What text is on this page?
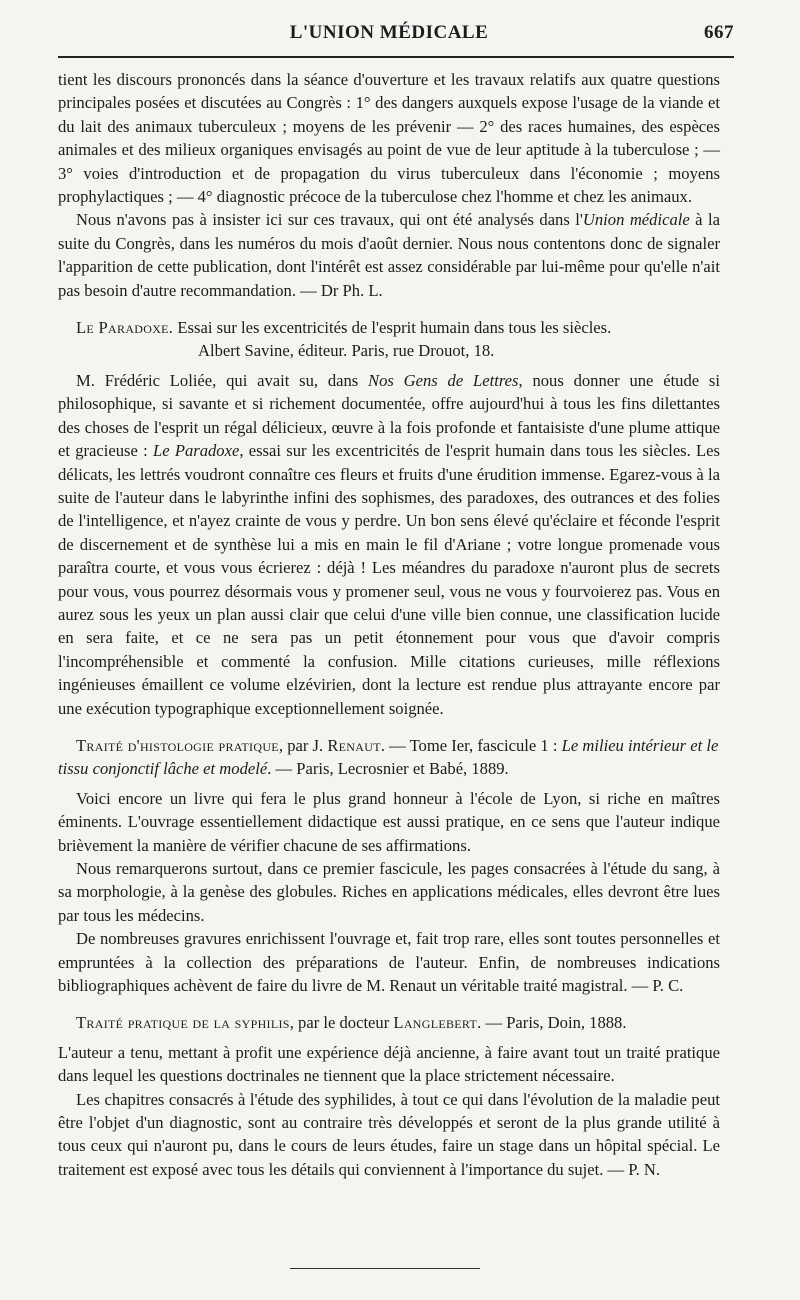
L'UNION MÉDICALE	667

tient les discours prononcés dans la séance d'ouverture et les travaux relatifs aux quatre questions principales posées et discutées au Congrès : 1° des dangers auxquels expose l'usage de la viande et du lait des animaux tuberculeux ; moyens de les prévenir — 2° des races humaines, des espèces animales et des milieux organiques envisagés au point de vue de leur aptitude à la tuberculose ; — 3° voies d'introduction et de propagation du virus tuberculeux dans l'économie ; moyens prophylactiques ; — 4° diagnostic précoce de la tuberculose chez l'homme et chez les animaux.

Nous n'avons pas à insister ici sur ces travaux, qui ont été analysés dans l'Union médicale à la suite du Congrès, dans les numéros du mois d'août dernier. Nous nous contentons donc de signaler l'apparition de cette publication, dont l'intérêt est assez considérable par lui-même pour qu'elle n'ait pas besoin d'autre recommandation. — Dr Ph. L.

Le Paradoxe. Essai sur les excentricités de l'esprit humain dans tous les siècles.
Albert Savine, éditeur. Paris, rue Drouot, 18.

M. Frédéric Loliée, qui avait su, dans Nos Gens de Lettres, nous donner une étude si philosophique, si savante et si richement documentée, offre aujourd'hui à tous les fins dilettantes des choses de l'esprit un régal délicieux, œuvre à la fois profonde et fantaisiste d'une plume attique et gracieuse : Le Paradoxe, essai sur les excentricités de l'esprit humain dans tous les siècles. Les délicats, les lettrés voudront connaître ces fleurs et fruits d'une érudition immense. Egarez-vous à la suite de l'auteur dans le labyrinthe infini des sophismes, des paradoxes, des outrances et des folies de l'intelligence, et n'ayez crainte de vous y perdre. Un bon sens élevé qu'éclaire et féconde l'esprit de discernement et de synthèse lui a mis en main le fil d'Ariane ; votre longue promenade vous paraîtra courte, et vous vous écrierez : déjà ! Les méandres du paradoxe n'auront plus de secrets pour vous, vous pourrez désormais vous y promener seul, vous ne vous y fourvoierez pas. Vous en aurez sous les yeux un plan aussi clair que celui d'une ville bien connue, une classification lucide en sera faite, et ce ne sera pas un petit étonnement pour vous que d'avoir compris l'incompréhensible et commenté la confusion. Mille citations curieuses, mille réflexions ingénieuses émaillent ce volume elzévirien, dont la lecture est rendue plus attrayante encore par une exécution typographique exceptionnellement soignée.

Traité d'histologie pratique, par J. Renaut. — Tome Ier, fascicule 1 : Le milieu intérieur et le tissu conjonctif lâche et modelé. — Paris, Lecrosnier et Babé, 1889.

Voici encore un livre qui fera le plus grand honneur à l'école de Lyon, si riche en maîtres éminents. L'ouvrage essentiellement didactique est aussi pratique, en ce sens que l'auteur indique brièvement la manière de vérifier chacune de ses affirmations.

Nous remarquerons surtout, dans ce premier fascicule, les pages consacrées à l'étude du sang, à sa morphologie, à la genèse des globules. Riches en applications médicales, elles devront être lues par tous les médecins.

De nombreuses gravures enrichissent l'ouvrage et, fait trop rare, elles sont toutes personnelles et empruntées à la collection des préparations de l'auteur. Enfin, de nombreuses indications bibliographiques achèvent de faire du livre de M. Renaut un véritable traité magistral. — P. C.

Traité pratique de la syphilis, par le docteur Langlebert. — Paris, Doin, 1888.

L'auteur a tenu, mettant à profit une expérience déjà ancienne, à faire avant tout un traité pratique dans lequel les questions doctrinales ne tiennent que la place strictement nécessaire.

Les chapitres consacrés à l'étude des syphilides, à tout ce qui dans l'évolution de la maladie peut être l'objet d'un diagnostic, sont au contraire très développés et seront de la plus grande utilité à tous ceux qui n'auront pu, dans le cours de leurs études, faire un stage dans un hôpital spécial. Le traitement est exposé avec tous les détails qui conviennent à l'importance du sujet. — P. N.
